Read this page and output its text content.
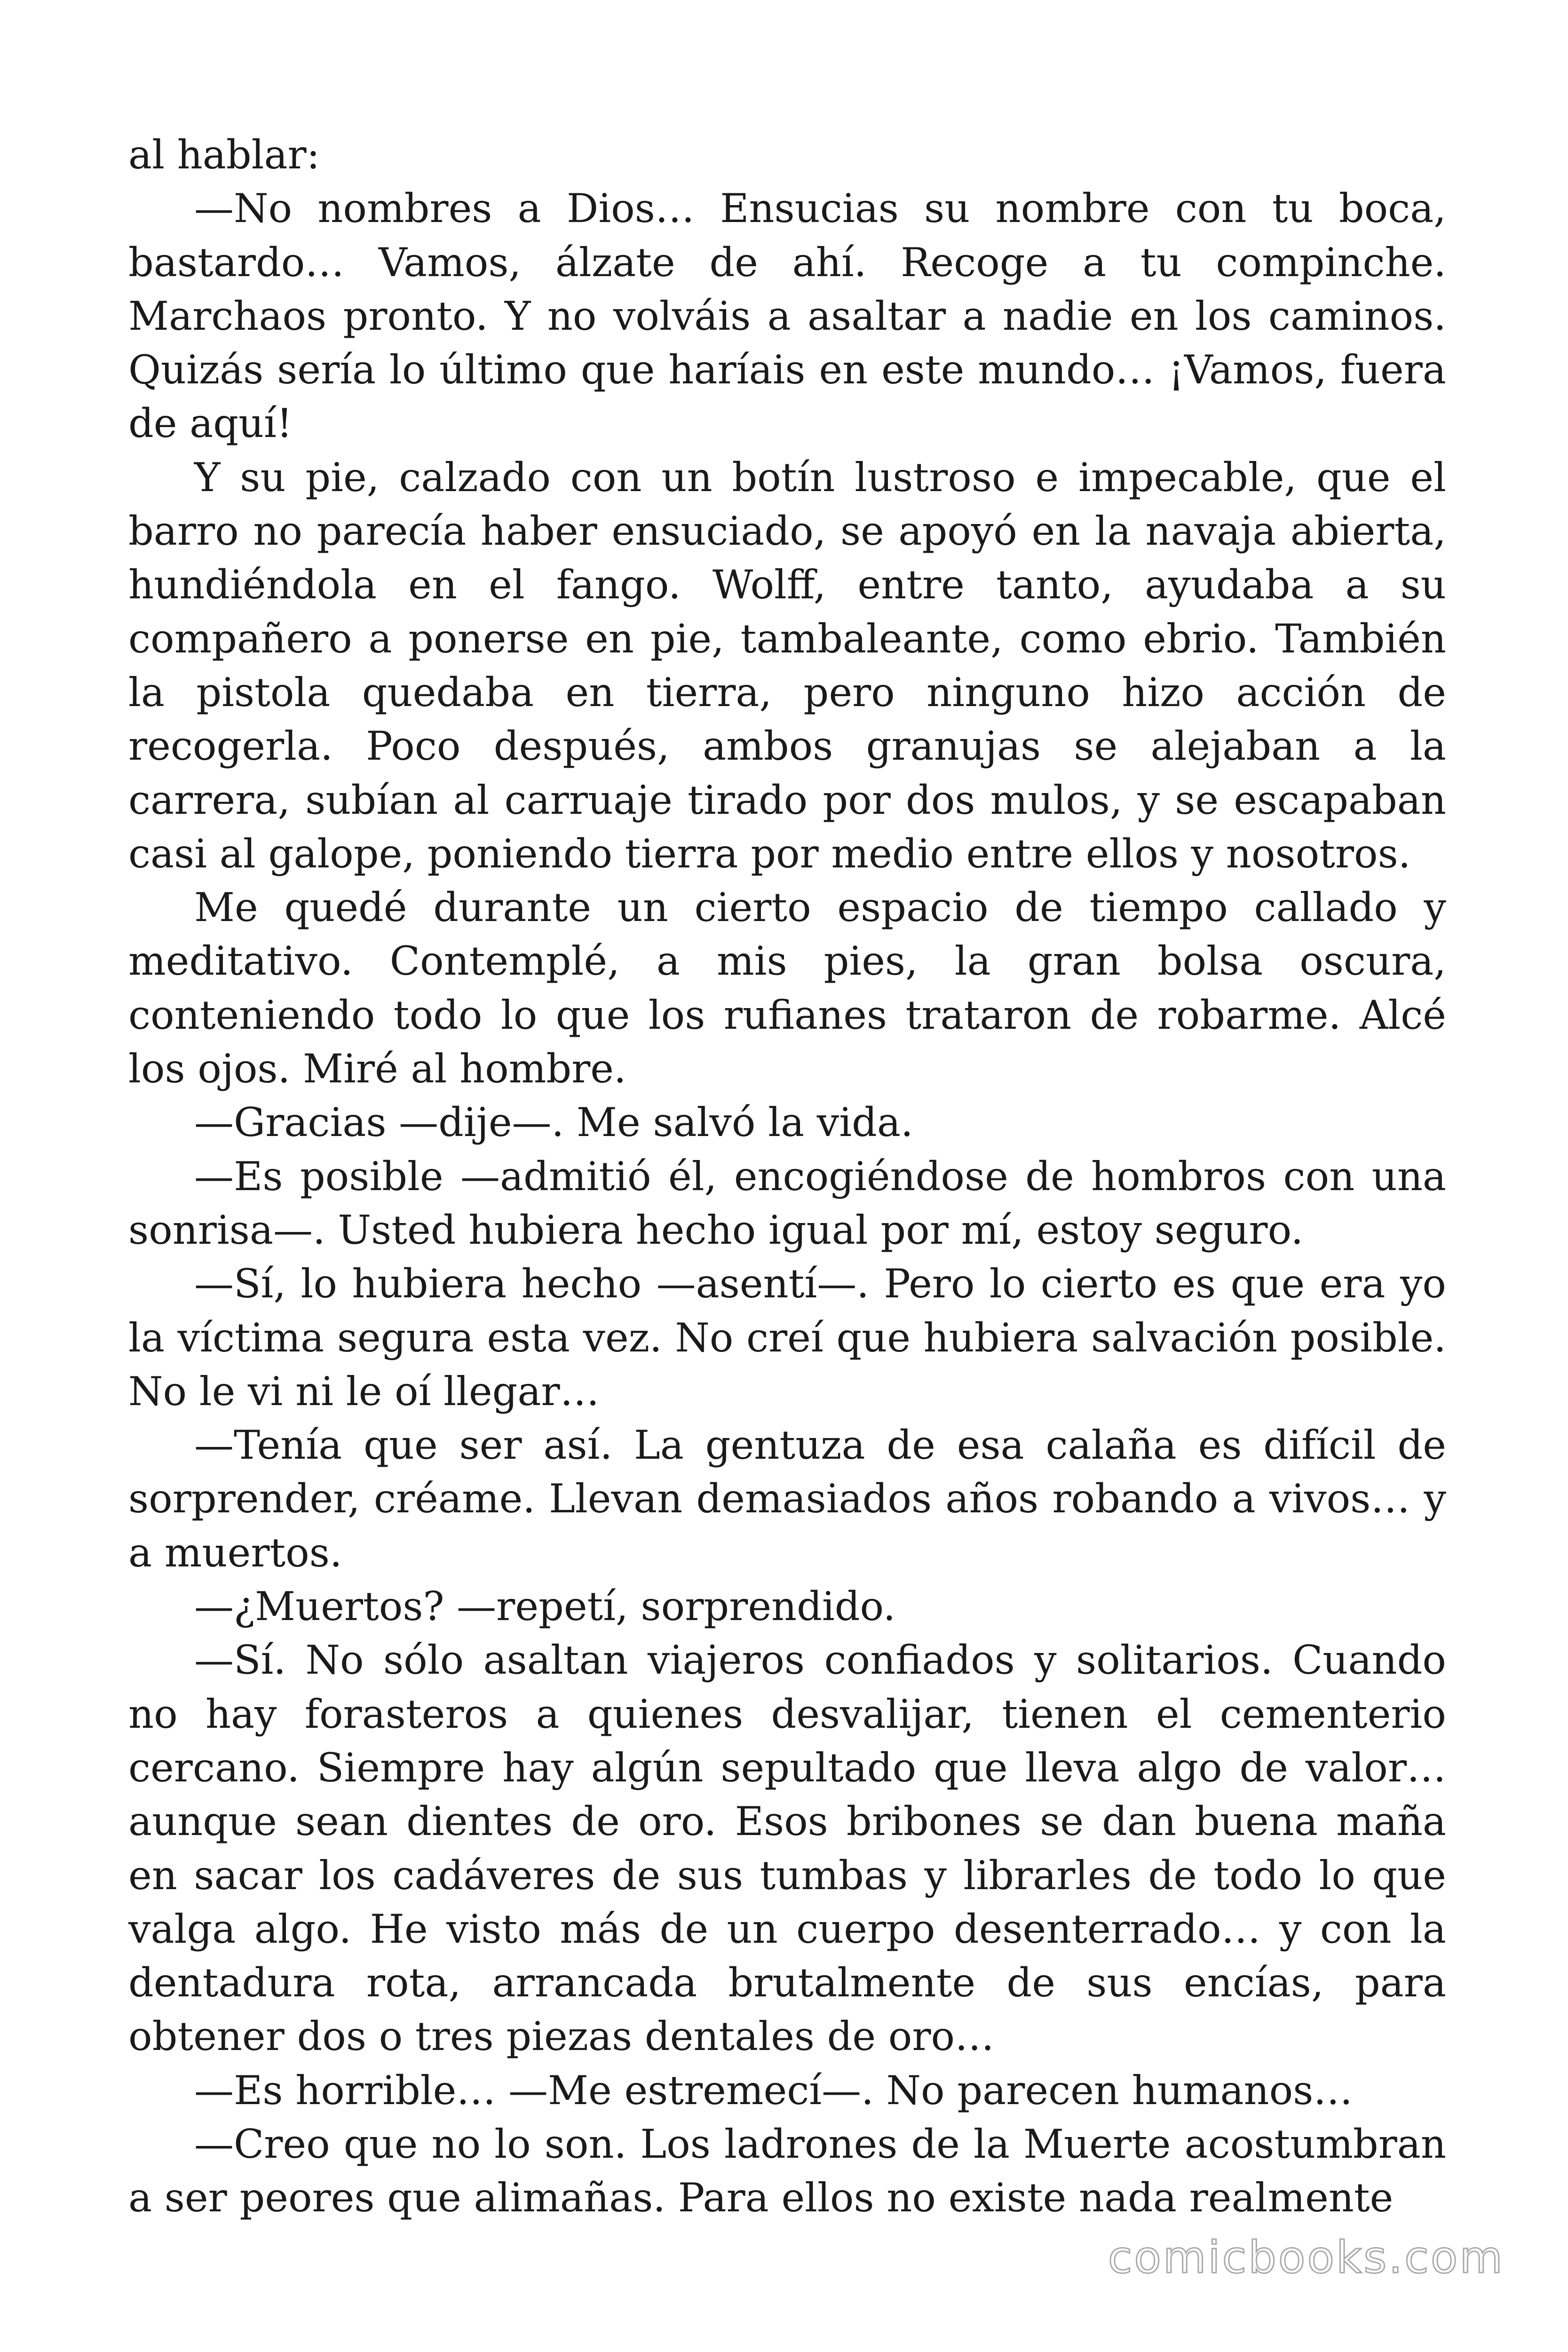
al hablar:

—No nombres a Dios… Ensucias su nombre con tu boca, bastardo… Vamos, álzate de ahí. Recoge a tu compinche. Marchaos pronto. Y no volváis a asaltar a nadie en los caminos. Quizás sería lo último que haríais en este mundo… ¡Vamos, fuera de aquí!

Y su pie, calzado con un botín lustroso e impecable, que el barro no parecía haber ensuciado, se apoyó en la navaja abierta, hundiéndola en el fango. Wolff, entre tanto, ayudaba a su compañero a ponerse en pie, tambaleante, como ebrio. También la pistola quedaba en tierra, pero ninguno hizo acción de recogerla. Poco después, ambos granujas se alejaban a la carrera, subían al carruaje tirado por dos mulos, y se escapaban casi al galope, poniendo tierra por medio entre ellos y nosotros.

Me quedé durante un cierto espacio de tiempo callado y meditativo. Contemplé, a mis pies, la gran bolsa oscura, conteniendo todo lo que los rufianes trataron de robarme. Alcé los ojos. Miré al hombre.

—Gracias —dije—. Me salvó la vida.

—Es posible —admitió él, encogiéndose de hombros con una sonrisa—. Usted hubiera hecho igual por mí, estoy seguro.

—Sí, lo hubiera hecho —asentí—. Pero lo cierto es que era yo la víctima segura esta vez. No creí que hubiera salvación posible. No le vi ni le oí llegar…

—Tenía que ser así. La gentuza de esa calaña es difícil de sorprender, créame. Llevan demasiados años robando a vivos… y a muertos.

—¿Muertos? —repetí, sorprendido.

—Sí. No sólo asaltan viajeros confiados y solitarios. Cuando no hay forasteros a quienes desvalijar, tienen el cementerio cercano. Siempre hay algún sepultado que lleva algo de valor… aunque sean dientes de oro. Esos bribones se dan buena maña en sacar los cadáveres de sus tumbas y librarles de todo lo que valga algo. He visto más de un cuerpo desenterrado… y con la dentadura rota, arrancada brutalmente de sus encías, para obtener dos o tres piezas dentales de oro…

—Es horrible… —Me estremecí—. No parecen humanos…

—Creo que no lo son. Los ladrones de la Muerte acostumbran a ser peores que alimañas. Para ellos no existe nada realmente

comicbooks.com
